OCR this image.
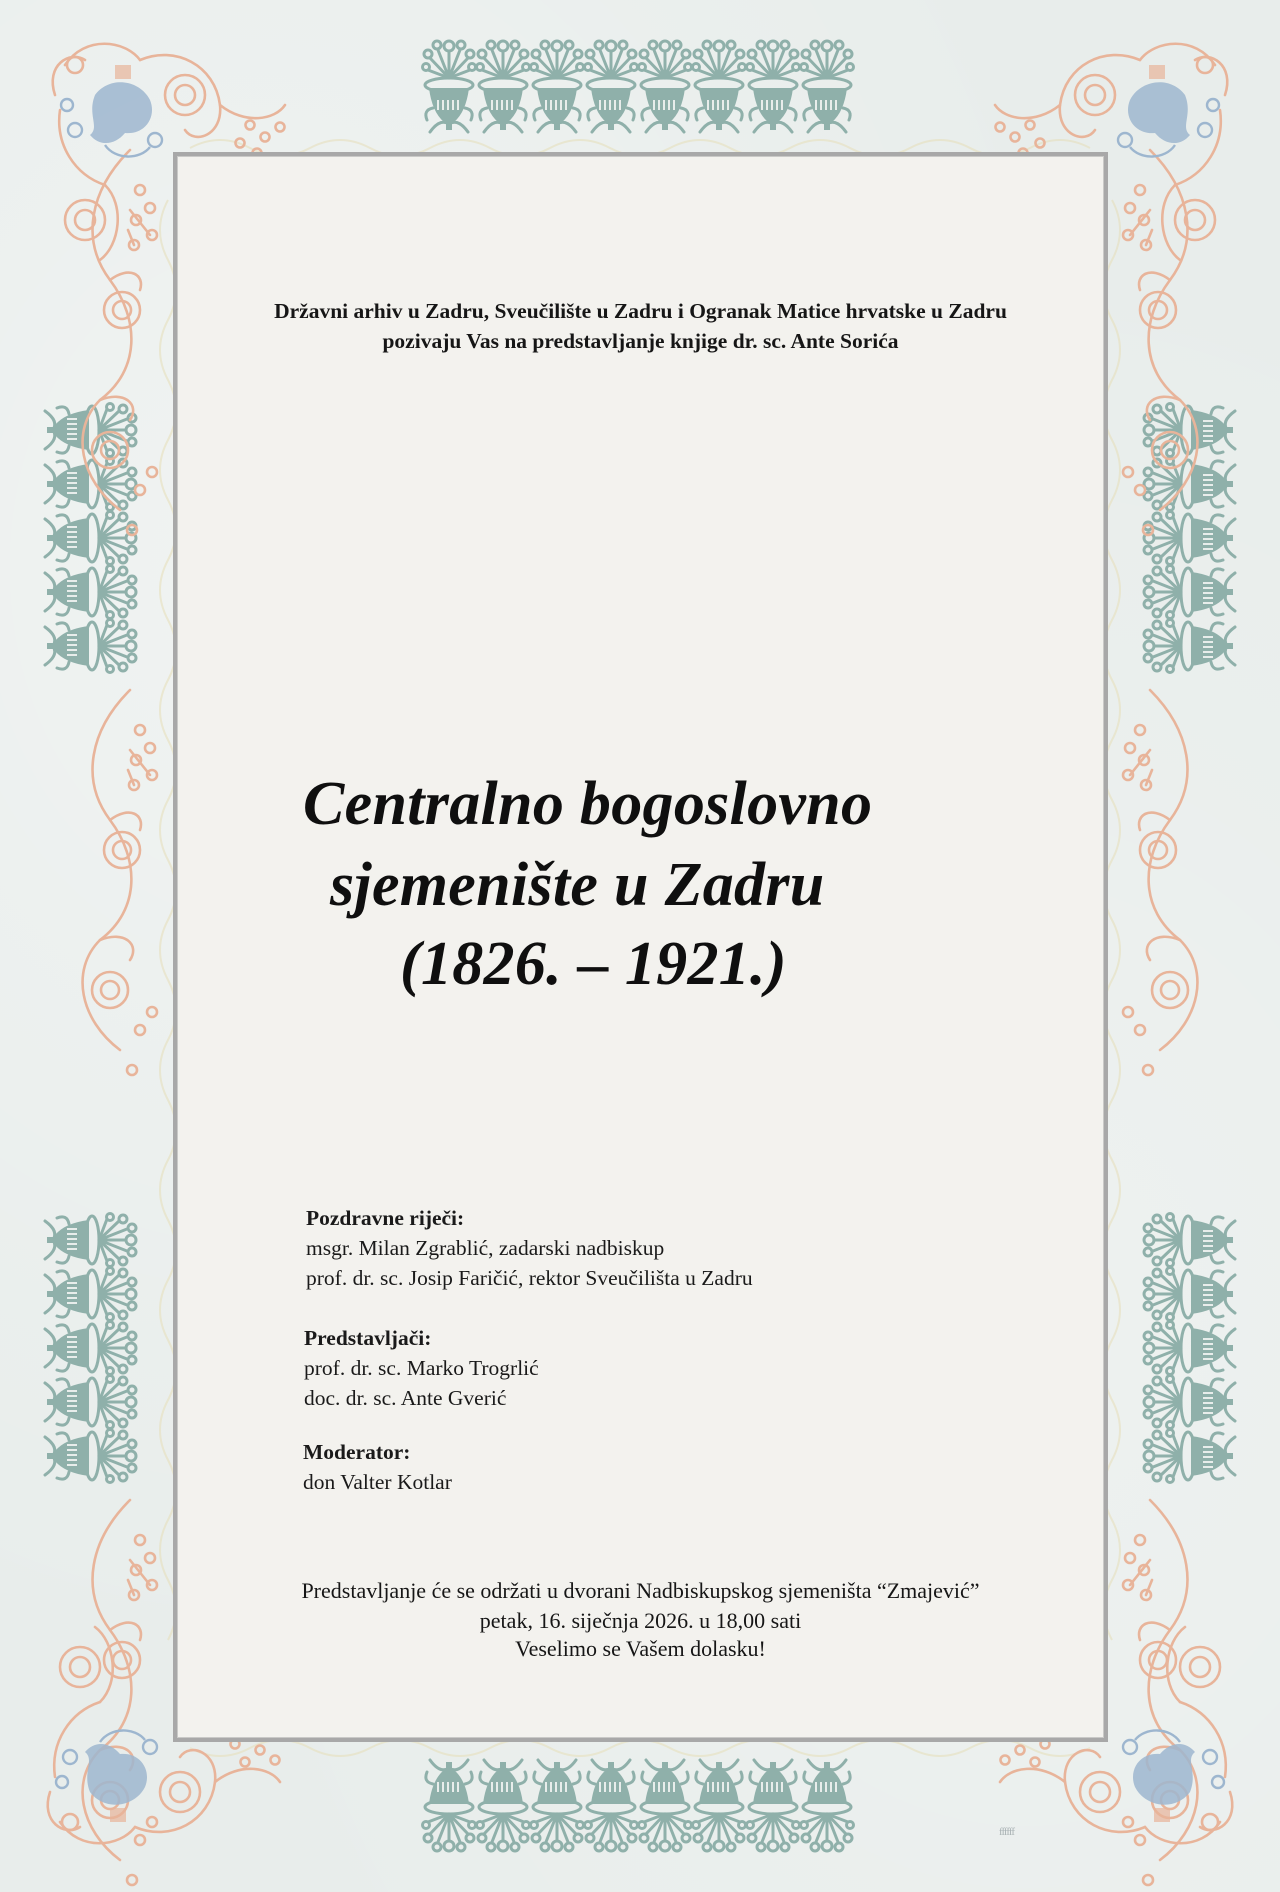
Državni arhiv u Zadru, Sveučilište u Zadru i Ogranak Matice hrvatske u Zadru
pozivaju Vas na predstavljanje knjige dr. sc. Ante Sorića
Centralno bogoslovno
sjemenište u Zadru
(1826. – 1921.)
Pozdravne riječi:
msgr. Milan Zgrablić, zadarski nadbiskup
prof. dr. sc. Josip Faričić, rektor Sveučilišta u Zadru
Predstavljači:
prof. dr. sc. Marko Trogrlić
doc. dr. sc. Ante Gverić
Moderator:
don Valter Kotlar
Predstavljanje će se održati u dvorani Nadbiskupskog sjemeništa “Zmajević”
petak, 16. siječnja 2026. u 18,00 sati
Veselimo se Vašem dolasku!
ffffff
